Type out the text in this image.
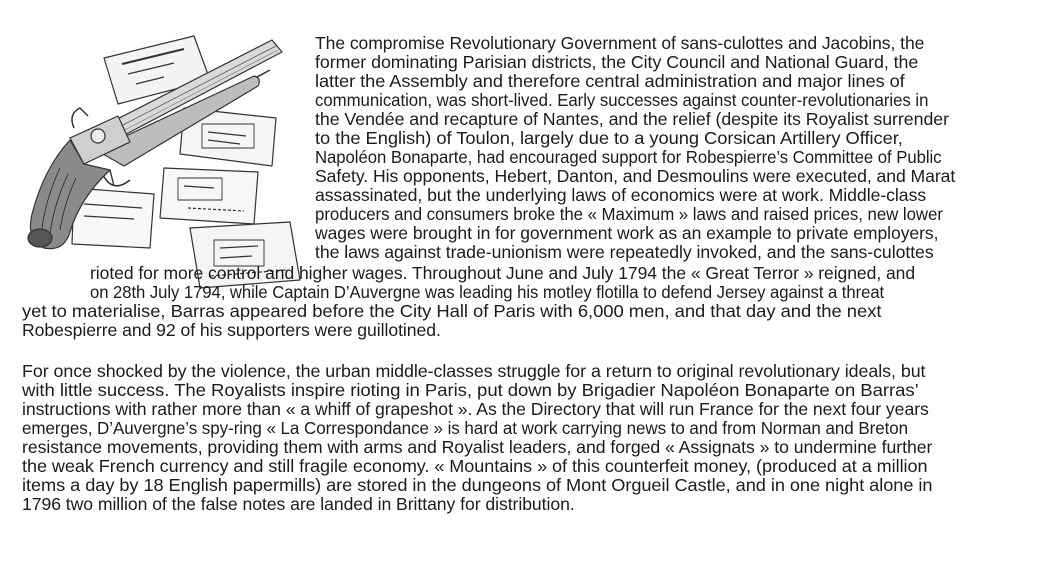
The compromise Revolutionary Government of sans-culottes and Jacobins, the
former dominating Parisian districts, the City Council and National Guard, the
latter the Assembly and therefore central administration and major lines of
communication, was short-lived. Early successes against counter-revolutionaries in
the Vendée and recapture of Nantes, and the relief (despite its Royalist surrender
to the English) of Toulon, largely due to a young Corsican Artillery Officer,
Napoléon Bonaparte, had encouraged support for Robespierre’s Committee of Public
Safety. His opponents, Hebert, Danton, and Desmoulins were executed, and Marat
assassinated, but the underlying laws of economics were at work. Middle-class
producers and consumers broke the « Maximum » laws and raised prices, new lower
wages were brought in for government work as an example to private employers,
the laws against trade-unionism were repeatedly invoked, and the sans-culottes
rioted for more control and higher wages. Throughout June and July 1794 the « Great Terror » reigned, and
on 28th July 1794, while Captain D’Auvergne was leading his motley flotilla to defend Jersey against a threat
yet to materialise, Barras appeared before the City Hall of Paris with 6,000 men, and that day and the next
Robespierre and 92 of his supporters were guillotined.
For once shocked by the violence, the urban middle-classes struggle for a return to original revolutionary ideals, but
with little success. The Royalists inspire rioting in Paris, put down by Brigadier Napoléon Bonaparte on Barras’
instructions with rather more than « a whiff of grapeshot ». As the Directory that will run France for the next four years
emerges, D’Auvergne’s spy-ring « La Correspondance » is hard at work carrying news to and from Norman and Breton
resistance movements, providing them with arms and Royalist leaders, and forged « Assignats » to undermine further
the weak French currency and still fragile economy. « Mountains » of this counterfeit money, (produced at a million
items a day by 18 English papermills) are stored in the dungeons of Mont Orgueil Castle, and in one night alone in
1796 two million of the false notes are landed in Brittany for distribution.
